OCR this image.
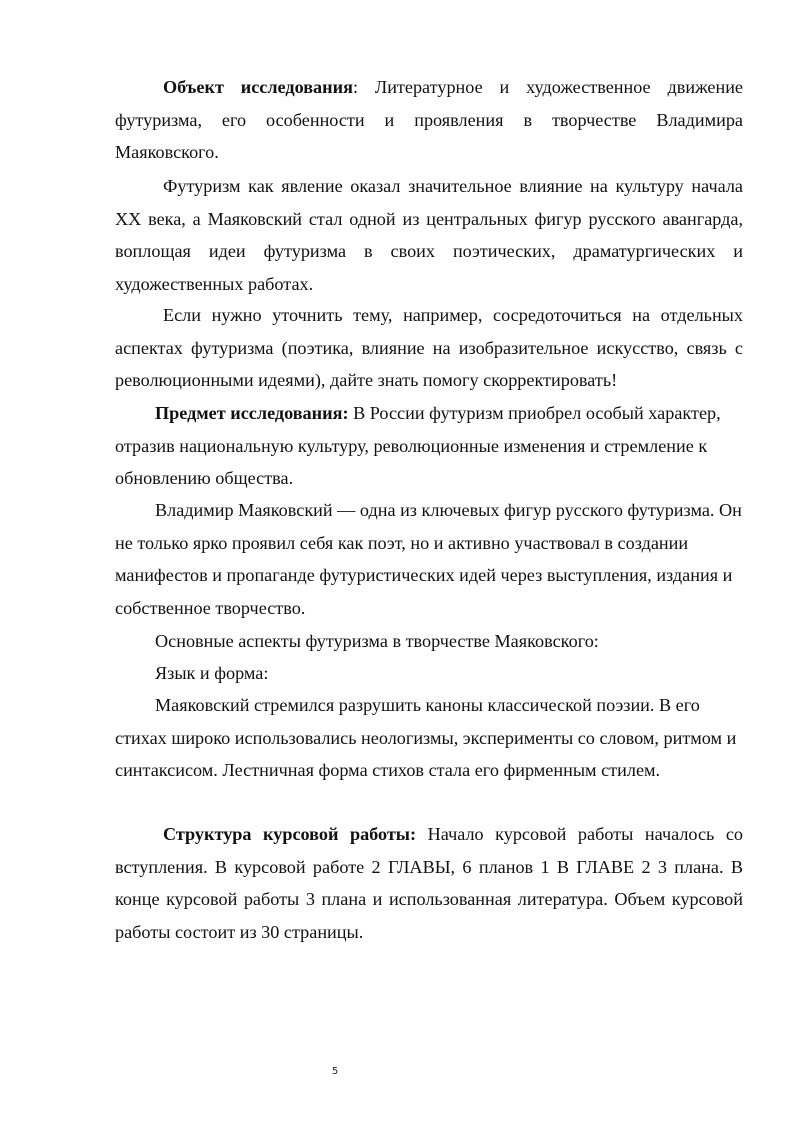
Объект исследования: Литературное и художественное движение футуризма, его особенности и проявления в творчестве Владимира Маяковского.

Футуризм как явление оказал значительное влияние на культуру начала XX века, а Маяковский стал одной из центральных фигур русского авангарда, воплощая идеи футуризма в своих поэтических, драматургических и художественных работах.

Если нужно уточнить тему, например, сосредоточиться на отдельных аспектах футуризма (поэтика, влияние на изобразительное искусство, связь с революционными идеями), дайте знать помогу скорректировать!

Предмет исследования: В России футуризм приобрел особый характер, отразив национальную культуру, революционные изменения и стремление к обновлению общества.

Владимир Маяковский — одна из ключевых фигур русского футуризма. Он не только ярко проявил себя как поэт, но и активно участвовал в создании манифестов и пропаганде футуристических идей через выступления, издания и собственное творчество.

Основные аспекты футуризма в творчестве Маяковского:

Язык и форма:

Маяковский стремился разрушить каноны классической поэзии. В его стихах широко использовались неологизмы, эксперименты со словом, ритмом и синтаксисом. Лестничная форма стихов стала его фирменным стилем.

Структура курсовой работы: Начало курсовой работы началось со вступления. В курсовой работе 2 ГЛАВЫ, 6 планов 1 В ГЛАВЕ 2 3 плана. В конце курсовой работы 3 плана и использованная литература. Объем курсовой работы состоит из 30 страницы.

5
